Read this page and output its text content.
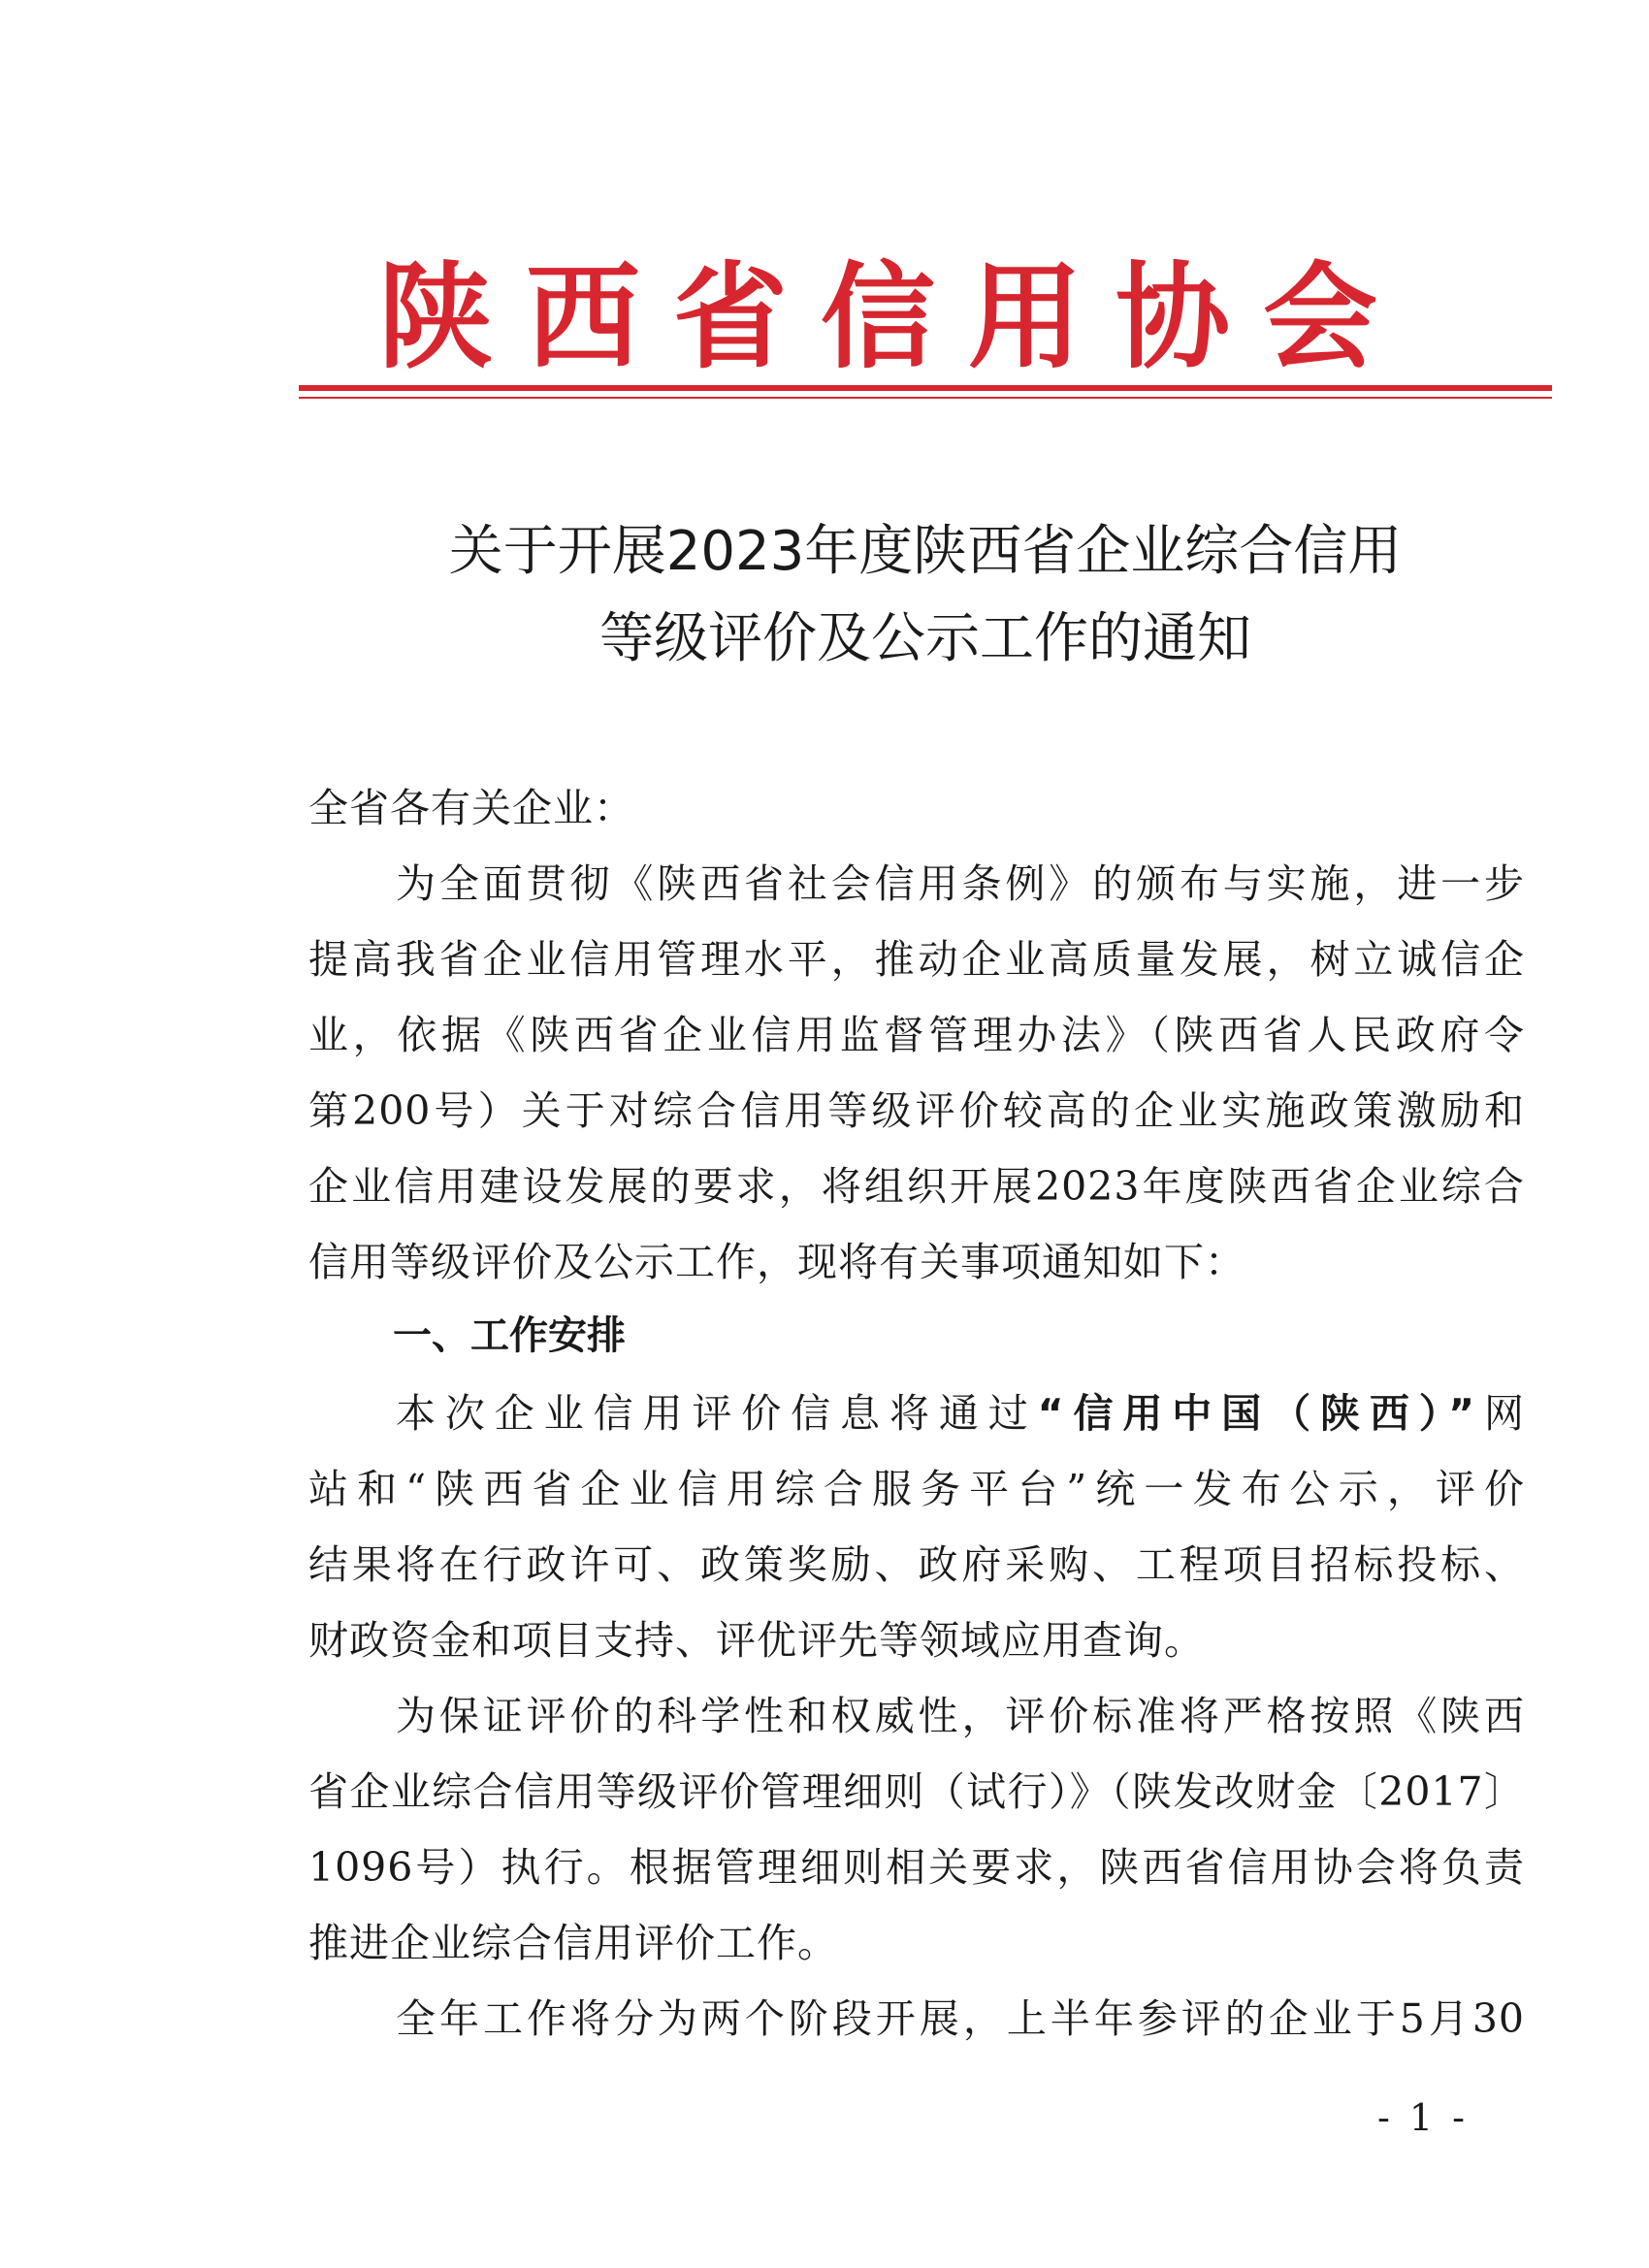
陕西省信用协会
关于开展2023年度陕西省企业综合信用
等级评价及公示工作的通知
全省各有关企业：
为全面贯彻《陕西省社会信用条例》的颁布与实施，进一步
提高我省企业信用管理水平，推动企业高质量发展，树立诚信企
业，依据《陕西省企业信用监督管理办法》（陕西省人民政府令
第200号）关于对综合信用等级评价较高的企业实施政策激励和
企业信用建设发展的要求，将组织开展2023年度陕西省企业综合
信用等级评价及公示工作，现将有关事项通知如下：
一、工作安排
本次企业信用评价信息将通过“信用中国（陕西）”网
站和“陕西省企业信用综合服务平台”统一发布公示，评价
结果将在行政许可、政策奖励、政府采购、工程项目招标投标、
财政资金和项目支持、评优评先等领域应用查询。
为保证评价的科学性和权威性，评价标准将严格按照《陕西
省企业综合信用等级评价管理细则（试行）》（陕发改财金〔2017〕
1096号）执行。根据管理细则相关要求，陕西省信用协会将负责
推进企业综合信用评价工作。
全年工作将分为两个阶段开展，上半年参评的企业于5月30
- 1 -
